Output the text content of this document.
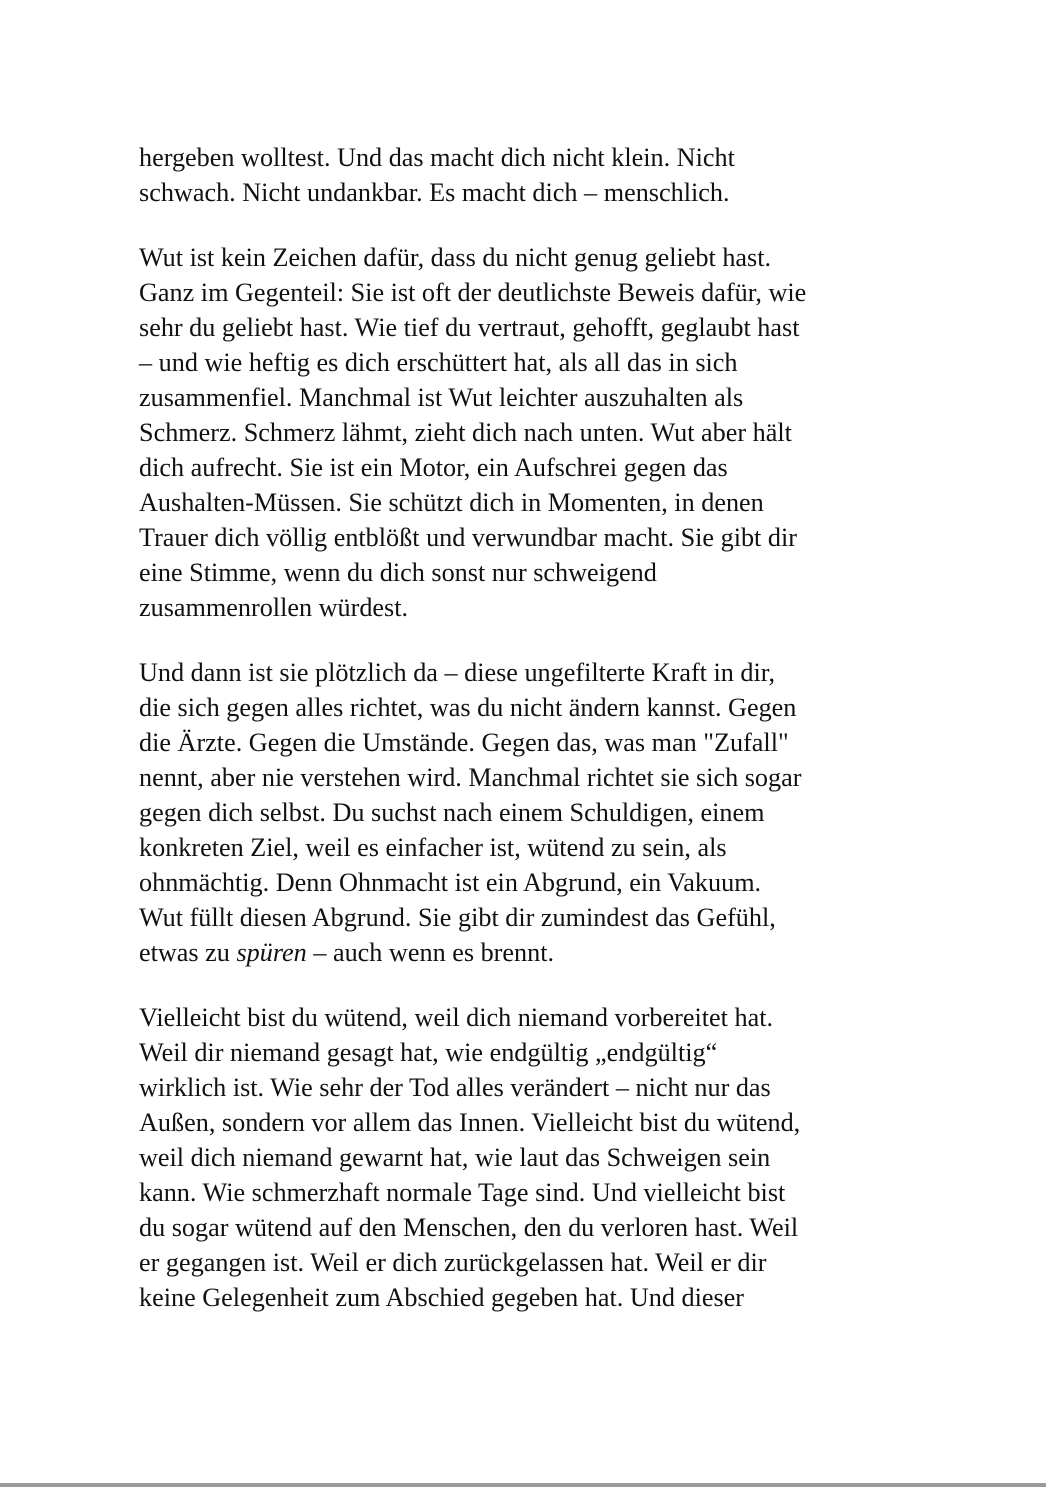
hergeben wolltest. Und das macht dich nicht klein. Nicht
schwach. Nicht undankbar. Es macht dich – menschlich.

Wut ist kein Zeichen dafür, dass du nicht genug geliebt hast.
Ganz im Gegenteil: Sie ist oft der deutlichste Beweis dafür, wie
sehr du geliebt hast. Wie tief du vertraut, gehofft, geglaubt hast
– und wie heftig es dich erschüttert hat, als all das in sich
zusammenfiel. Manchmal ist Wut leichter auszuhalten als
Schmerz. Schmerz lähmt, zieht dich nach unten. Wut aber hält
dich aufrecht. Sie ist ein Motor, ein Aufschrei gegen das
Aushalten-Müssen. Sie schützt dich in Momenten, in denen
Trauer dich völlig entblößt und verwundbar macht. Sie gibt dir
eine Stimme, wenn du dich sonst nur schweigend
zusammenrollen würdest.

Und dann ist sie plötzlich da – diese ungefilterte Kraft in dir,
die sich gegen alles richtet, was du nicht ändern kannst. Gegen
die Ärzte. Gegen die Umstände. Gegen das, was man "Zufall"
nennt, aber nie verstehen wird. Manchmal richtet sie sich sogar
gegen dich selbst. Du suchst nach einem Schuldigen, einem
konkreten Ziel, weil es einfacher ist, wütend zu sein, als
ohnmächtig. Denn Ohnmacht ist ein Abgrund, ein Vakuum.
Wut füllt diesen Abgrund. Sie gibt dir zumindest das Gefühl,
etwas zu spüren – auch wenn es brennt.

Vielleicht bist du wütend, weil dich niemand vorbereitet hat.
Weil dir niemand gesagt hat, wie endgültig „endgültig“
wirklich ist. Wie sehr der Tod alles verändert – nicht nur das
Außen, sondern vor allem das Innen. Vielleicht bist du wütend,
weil dich niemand gewarnt hat, wie laut das Schweigen sein
kann. Wie schmerzhaft normale Tage sind. Und vielleicht bist
du sogar wütend auf den Menschen, den du verloren hast. Weil
er gegangen ist. Weil er dich zurückgelassen hat. Weil er dir
keine Gelegenheit zum Abschied gegeben hat. Und dieser
